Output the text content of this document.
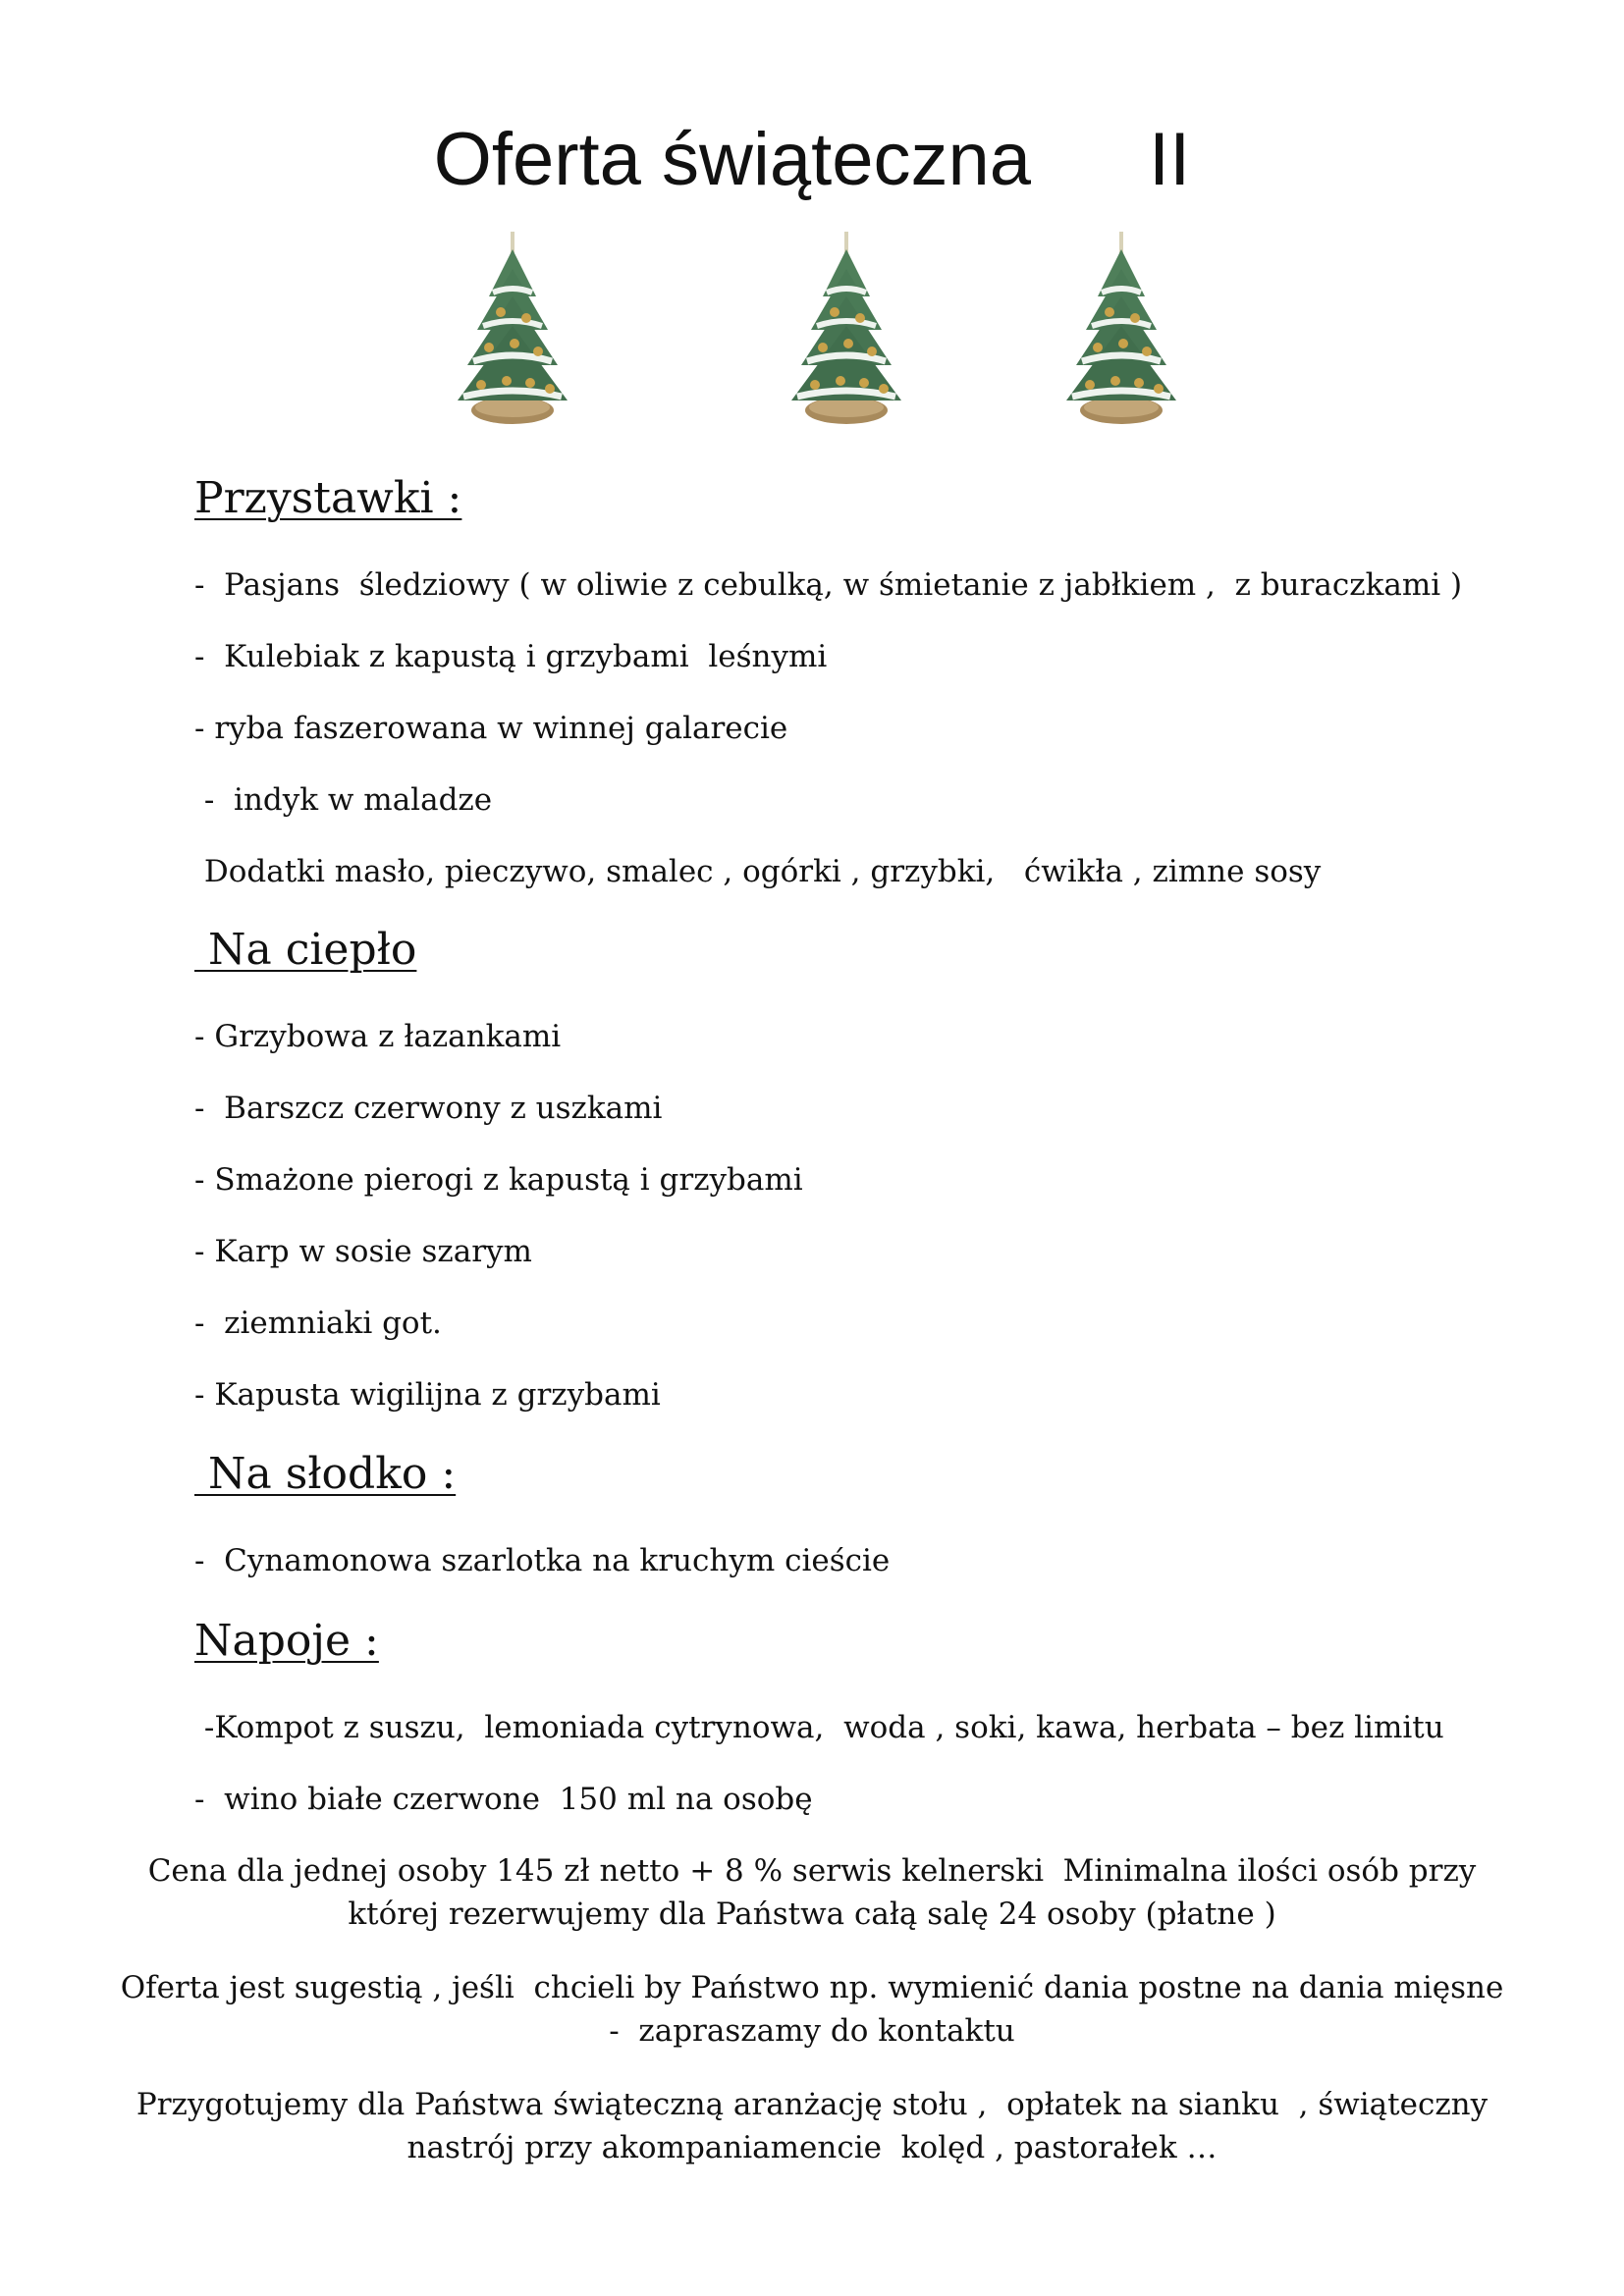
Oferta świąteczna II
Przystawki :
-  Pasjans  śledziowy ( w oliwie z cebulką, w śmietanie z jabłkiem ,  z buraczkami )
-  Kulebiak z kapustą i grzybami  leśnymi
- ryba faszerowana w winnej galarecie
-  indyk w maladze
Dodatki masło, pieczywo, smalec , ogórki , grzybki,   ćwikła , zimne sosy
Na ciepło
- Grzybowa z łazankami
-  Barszcz czerwony z uszkami
- Smażone pierogi z kapustą i grzybami
- Karp w sosie szarym
-  ziemniaki got.
- Kapusta wigilijna z grzybami
Na słodko :
-  Cynamonowa szarlotka na kruchym cieście
Napoje :
-Kompot z suszu,  lemoniada cytrynowa,  woda , soki, kawa, herbata – bez limitu
-  wino białe czerwone  150 ml na osobę
Cena dla jednej osoby 145 zł netto + 8 % serwis kelnerski  Minimalna ilości osób przy
której rezerwujemy dla Państwa całą salę 24 osoby (płatne )
Oferta jest sugestią , jeśli  chcieli by Państwo np. wymienić dania postne na dania mięsne
-  zapraszamy do kontaktu
Przygotujemy dla Państwa świąteczną aranżację stołu ,  opłatek na sianku  , świąteczny
nastrój przy akompaniamencie  kolęd , pastorałek …
